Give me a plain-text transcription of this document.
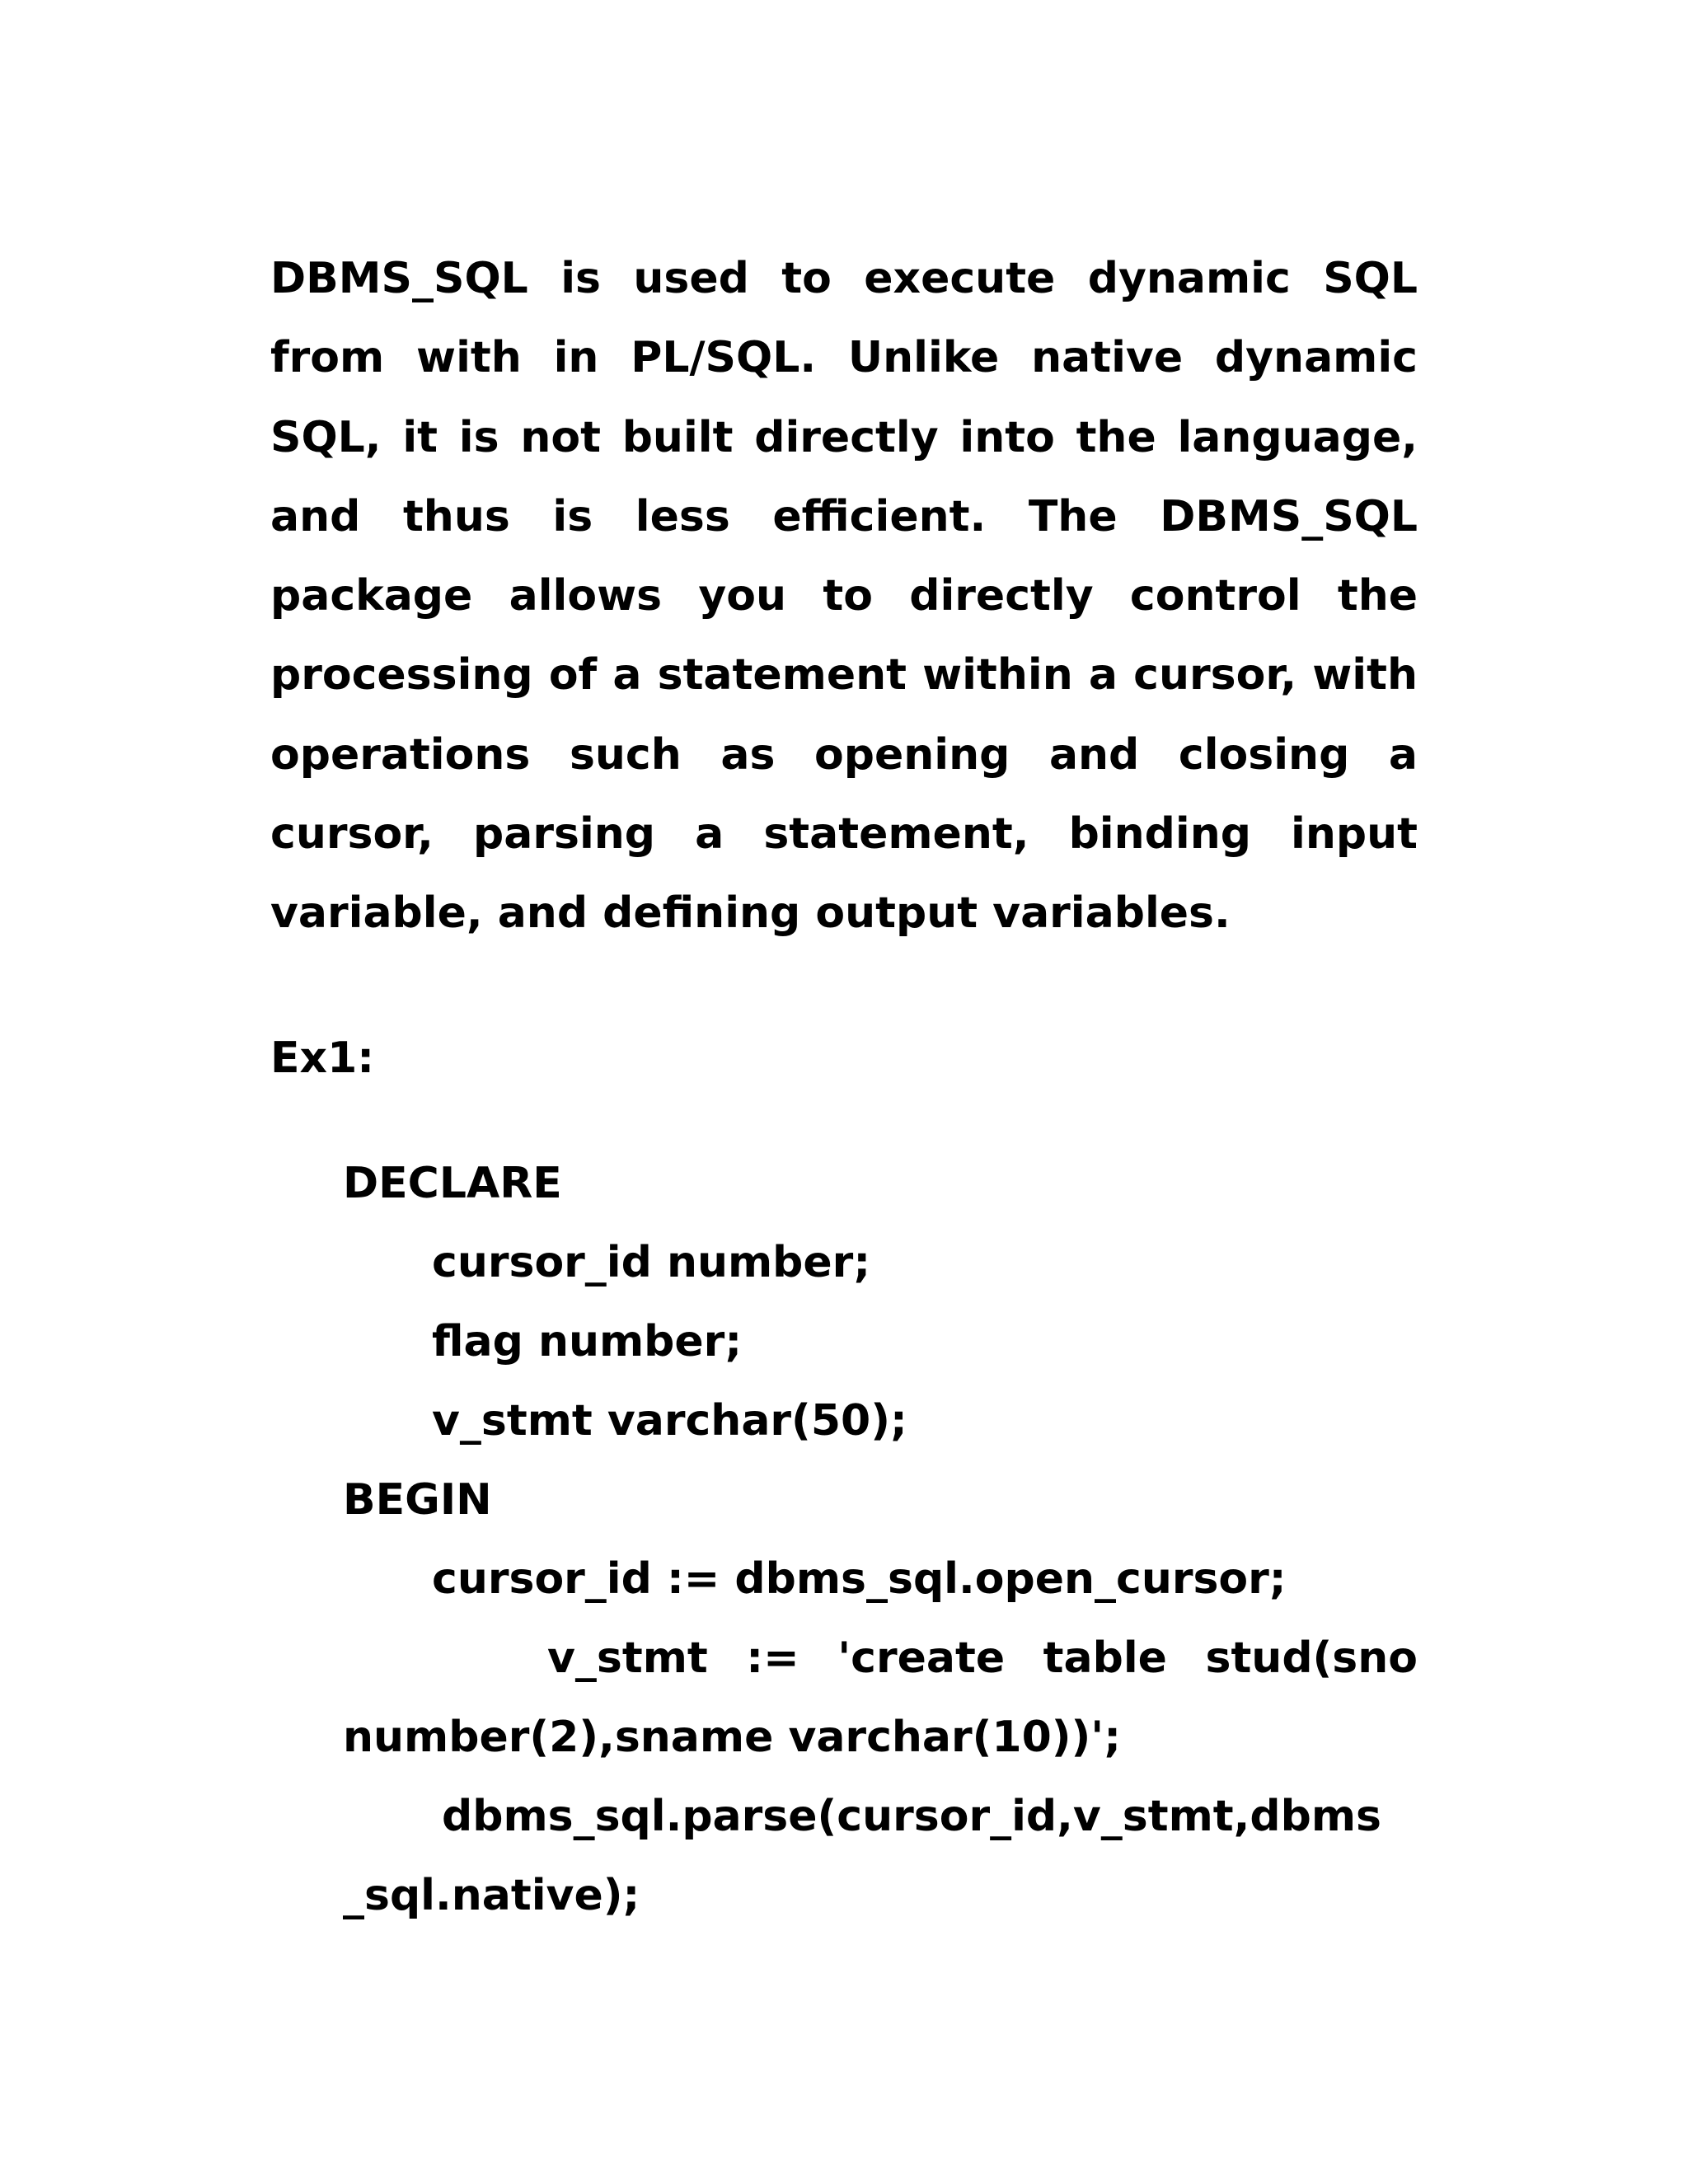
DBMS_SQL is used to execute dynamic SQL from with in PL/SQL. Unlike native dynamic SQL, it is not built directly into the language, and thus is less efficient. The DBMS_SQL package allows you to directly control the processing of a statement within a cursor, with operations such as opening and closing a cursor, parsing a statement, binding input variable, and defining output variables.

Ex1:

DECLARE

cursor_id number;

flag number;

v_stmt varchar(50);

BEGIN

cursor_id := dbms_sql.open_cursor;

v_stmt := 'create table stud(sno

number(2),sname varchar(10))';

dbms_sql.parse(cursor_id,v_stmt,dbms

_sql.native);
